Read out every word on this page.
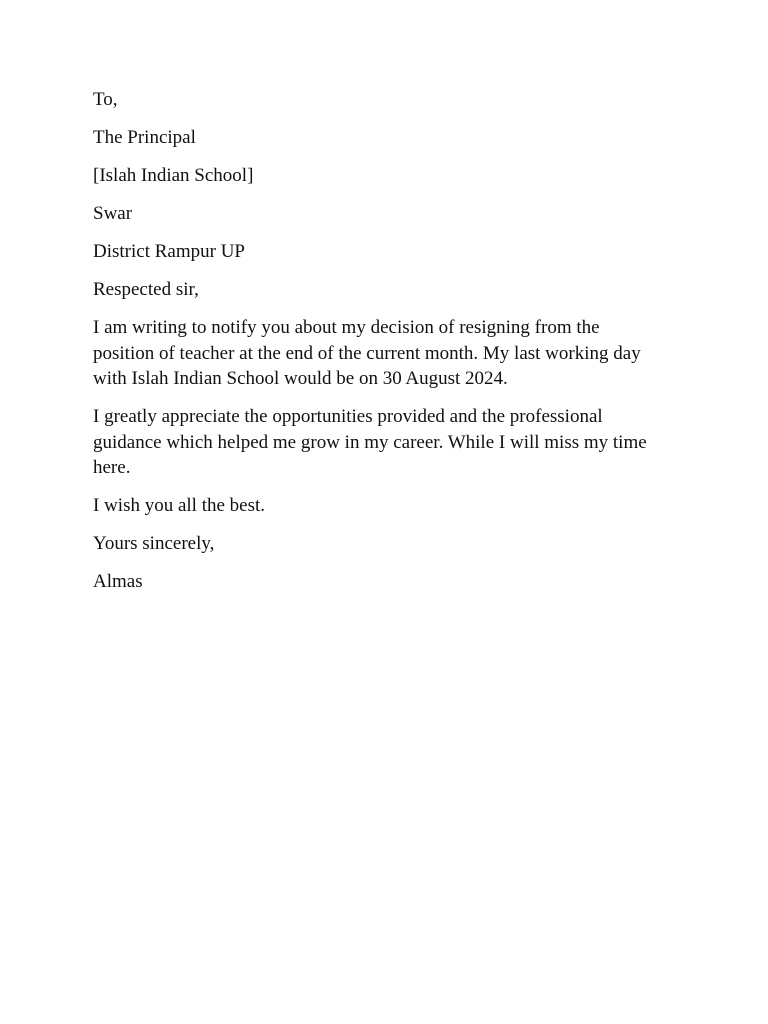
To,

The Principal

[Islah Indian School]

Swar

District Rampur UP

Respected sir,

I am writing to notify you about my decision of resigning from the position of teacher at the end of the current month. My last working day with Islah Indian School would be on 30 August 2024.

I greatly appreciate the opportunities provided and the professional guidance which helped me grow in my career. While I will miss my time here.

I wish you all the best.

Yours sincerely,

Almas
